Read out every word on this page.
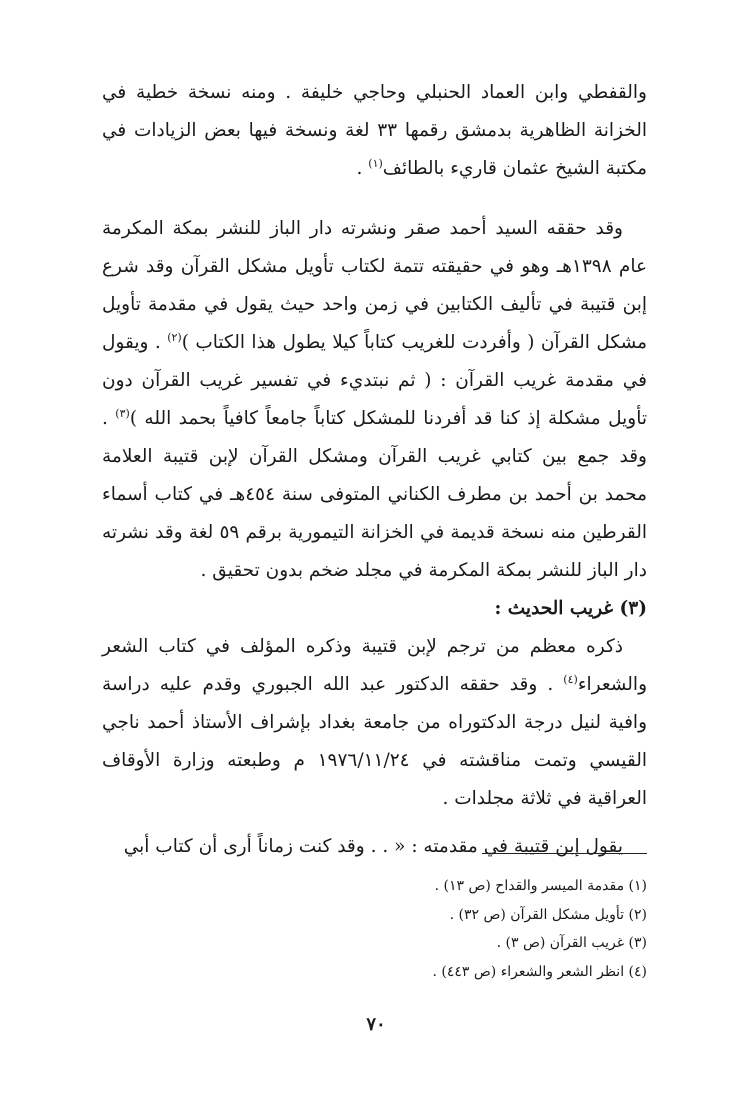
والقفطي وابن العماد الحنبلي وحاجي خليفة . ومنه نسخة خطية في الخزانة الظاهرية بدمشق رقمها ٣٣ لغة ونسخة فيها بعض الزيادات في مكتبة الشيخ عثمان قاريء بالطائف$^{(١)}$ .

وقد حققه السيد أحمد صقر ونشرته دار الباز للنشر بمكة المكرمة عام ١٣٩٨هـ وهو في حقيقته تتمة لكتاب تأويل مشكل القرآن وقد شرع إبن قتيبة في تأليف الكتابين في زمن واحد حيث يقول في مقدمة تأويل مشكل القرآن ( وأفردت للغريب كتاباً كيلا يطول هذا الكتاب )$^{(٢)}$ . ويقول في مقدمة غريب القرآن : ( ثم نبتديء في تفسير غريب القرآن دون تأويل مشكلة إذ كنا قد أفردنا للمشكل كتاباً جامعاً كافياً بحمد الله )$^{(٣)}$ . وقد جمع بين كتابي غريب القرآن ومشكل القرآن لإبن قتيبة العلامة محمد بن أحمد بن مطرف الكناني المتوفى سنة ٤٥٤هـ في كتاب أسماء القرطين منه نسخة قديمة في الخزانة التيمورية برقم ٥٩ لغة وقد نشرته دار الباز للنشر بمكة المكرمة في مجلد ضخم بدون تحقيق .

(٣) غريب الحديث :

ذكره معظم من ترجم لإبن قتيبة وذكره المؤلف في كتاب الشعر والشعراء$^{(٤)}$ . وقد حققه الدكتور عبد الله الجبوري وقدم عليه دراسة وافية لنيل درجة الدكتوراه من جامعة بغداد بإشراف الأستاذ أحمد ناجي القيسي وتمت مناقشته في ١٩٧٦/١١/٢٤ م وطبعته وزارة الأوقاف العراقية في ثلاثة مجلدات .

يقول إبن قتيبة في مقدمته : « . . وقد كنت زماناً أرى أن كتاب أبي

(١) مقدمة الميسر والقداح (ص ١٣) .
(٢) تأويل مشكل القرآن (ص ٣٢) .
(٣) غريب القرآن (ص ٣) .
(٤) انظر الشعر والشعراء (ص ٤٤٣) .
٧٠
